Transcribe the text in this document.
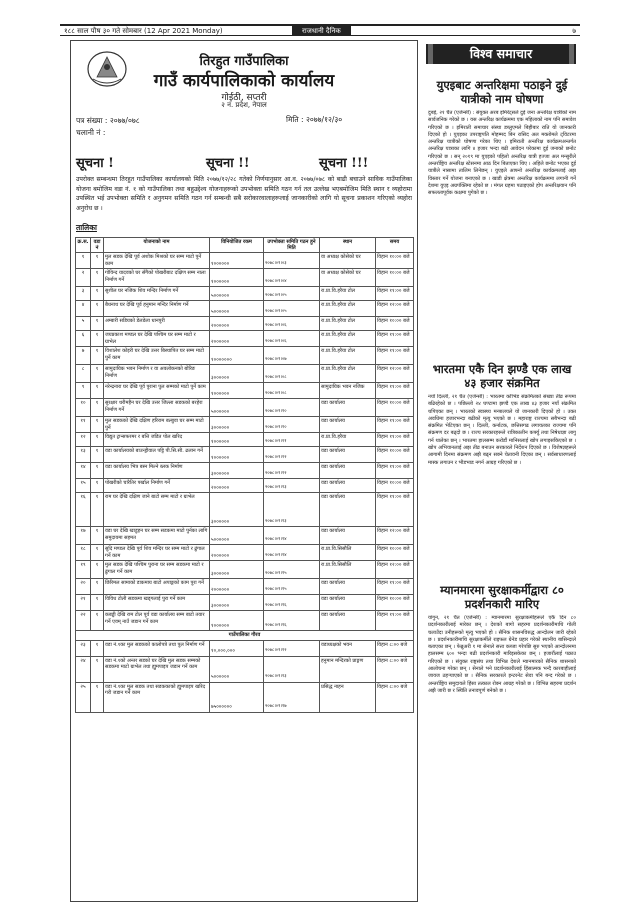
१८८ साल पौष ३० गते सोमबार (12 Apr 2021 Monday)	राजधानी दैनिक	७
तिरहुत गाउँपालिका
गाउँ कार्यपालिकाको कार्यालय
गोईठी, सप्तरी
२ नं. प्रदेश, नेपाल
पत्र संख्या : २०७७/०७८
चलानी नं :
मिति : २०७७/१२/३०
सूचना !	सूचना !!	सूचना !!!
उपरोक्त सम्बन्धमा तिरहुत गाउँपालिका कार्यालयको मिति २०७७/१२/२८ गतेको निर्णयानुसार आ.व. २०७७/०७८ को बाढी बचाउने साविक गाउँपालिका योजना बमोजिम वडा नं. १ को गाउँपालिका तथा बहुउद्देश्य योजनाहरूको उपभोक्ता समिति गठन गर्न तल उल्लेख भएबमोजिम मिति स्थान र व्यहोरामा उपस्थित भई उपभोक्ता समिति र अनुगमन समिति गठन गर्न सम्बन्धी सबै सरोकारवालाहरूलाई जानकारीको लागि यो सूचना प्रकाशन गरिएको व्यहोरा अनुरोध छ ।
तालिका
क्र.स.	वडा नं	योजनाको नाम	विनियोजित रकम	उपभोक्ता समिति गठन हुने मिति	स्थान	समय
१	१	मुल सडक देखि पूर्व अशोक मिश्रको घर सम्म माटो पुर्ने काम	१००००००	२०७८।०१।०३	वा अध्यक्ष कोसेको घर	विहान १०:०० बजे
२	१	गोविन्द यादवको घर सँगैको पोखरीबाट दक्षिण सम्म नाला निर्माण गर्ने	१००००००	२०७८।०१।०४	वा अध्यक्ष कोसेको घर	विहान १०:०० बजे
३	१	सुशील घर नजिक शिव मन्दिर निर्माण गर्ने	५००००००	२०७८।०१।०५	रा.प्रा.वि.हरैया टोल	विहान ११:०० बजे
४	१	बैधनाथ घर देखि पूर्व हनुमान मन्दिर निर्माण गर्ने	५००००००	२०७८।०१।०५	रा.प्रा.वि.हरैया टोल	विहान १२:०० बजे
५	१	अम्बारी सडियको डेलडेला धानपुरी	२००००००	२०७८।०१।०६	रा.प्रा.वि.हरैया टोल	विहान १०:०० बजे
६	१	जयप्रकाश मण्डल घर देखि पश्चिम घर सम्म माटो र ग्राभेल	२००००००	२०७८।०१।०६	रा.प्रा.वि.हरैया टोल	विहान ११:०० बजे
७	१	विशालेश कोइरी घर देखि उत्तर बिस्थापित घर सम्म माटो पुर्ने काम	१०००००००	२०७८।०१।०७	रा.प्रा.वि.हरैया टोल	विहान ११:०० बजे
८	१	सामुदायिक भवन निर्माण र वा अवलोकनको बोरिङ निर्माण	३००००००	२०७८।०१।०८	रा.प्रा.वि.हरैया टोल	विहान १२:०० बजे
९	१	नरेन्द्रनारा घर देखि पूर्व पुराना पुल सम्मको माटो पुर्ने काम	१००००००	२०७८।०१।०८	सामुदायिक भवन नजिक	विहान ११:०० बजे
१०	१	सुरक्षार थरीमहैन घर देखि उत्तर जिल्ला सडकको बरहेरा निर्माण गर्ने	५००००००	२०७८।०१।१०	वडा कार्यालय	विहान १०:०० बजे
११	१	मुल सडकको देखि दक्षिण हरिराम बल्बुवा घर सम्म माटो पुर्ने	३००००००	२०७८।०१।१०	वडा कार्यालय	विहान ११:०० बजे
१२	१	विद्युत ट्रान्सफरमर र बत्ति जडित पोल खरिद	१००००००	२०७८।०१।११	रा.प्रा.वि.हरैया	विहान ११:०० बजे
१३	१	वडा कार्यालयको बाउन्ड्रीवाल पट्टि पी.सि.सी. ढलान गर्ने	१००००००	२०७८।०१।१२	वडा कार्यालय	विहान १०:०० बजे
१४	१	वडा कार्यालय भित्र बस्न मिल्ने ब्लक निर्माण	३००००००	२०७८।०१।१२	वडा कार्यालय	विहान ११:०० बजे
१५	१	पोखरीको चारैतिर पर्खाल निर्माण गर्ने	२००००००	२०७८।०१।१३	वडा कार्यालय	विहान १०:०० बजे
१६	१	राम घर देखि दक्षिण जाने बाटो सम्म माटो र ग्राभेल	३००००००	२०७८।०१।१३	वडा कार्यालय	विहान ११:०० बजे
१७	१	वडा घर देखि खाडुहन घर सम्म सडकमा माटो पुर्नका लागि समुदायमा सहमत	५००००००	२०७८।०१।१४	वडा कार्यालय	विहान १२:०० बजे
१८	१	सुदि मण्डल देखि पूर्व शिव मन्दिर घर सम्म माटो र ढुंगाल गर्ने काम	२००००००	२०७८।०१।१४	रा.प्रा.वि.सिसौलि	विहान १०:०० बजे
१९	१	मुल सडक देखि पश्चिम पुराना घर सम्म सडकमा माटो र ढुंगाल गर्ने काम	३००००००	२०७८।०१।१५	रा.प्रा.वि.सिसौलि	विहान १२:०० बजे
२०	१	छिरिमल सामाको डाकमाय बाटो अपाङ्गको काम पुरा गर्ने	२००००००	२०७८।०१।१५	वडा कार्यालय	विहान ११:०० बजे
२१	१	विविध टोली सडकमा खड्गलाई पुरा गर्ने काम	३००००००	२०७८।०१।१६	वडा कार्यालय	विहान १०:०० बजे
२२	१	कबड्डी देखि राम टोल पूर्व वडा कार्यालय सम्म बाटो तयार गर्ने एवम् नाउँ जडान गर्ने काम	१००००००	२०७८।०१।१६	वडा कार्यालय	विहान ११:०० बजे
गाउँपालिका गौरव						
२३	१	वडा नं.१का मुल सडकको कालोपत्रे तथा पुल निर्माण गर्ने	१०,०००,०००	२०७८।०१।१२	वडाध्यक्षको भवन	विहान ८:०० बजे
२४	१	वडा नं.१को अन्तर सडको घर देखि मुल सडक सम्मको सडकमा माटो ग्राभेल तथा ह्युमपाइप जडान गर्ने काम	५००००००	२०७८।०१।१३	हनुमान मन्दिरको प्राङ्गण	विहान ८:०० बजे
२५	१	वडा नं.१का मुल सडक तथा सडककाको ह्युमपाइप खरिद गरी जडान गर्ने काम	७५००००००	२०७८।०१।१७	प्रसिद्ध नाहन	विहान ८:०० बजे
विश्व समाचार
युएइबाट अन्तरिक्षमा पठाइने दुई यात्रीको नाम घोषणा
दुबई, २१ चैत (एजेन्सी) : संयुक्त अरब इमिरेट्सले दुई जना अन्तरिक्ष यात्रीको नाम सार्वजनिक गरेको छ । यस अन्तरिक्ष कार्यक्रममा एक महिलाको नाम पनि समावेश गरिएको छ । इमिराती समाचार संस्था डब्लुएमले बिहीबार राति यो जानकारी दिएको हो । युएइका उपराष्ट्रपति मोहम्मद बिन रासिद अल मक्तोमले ट्विटरमा अन्तरिक्ष यात्रीको घोषणा गरेका थिए । इमिराती अन्तरिक्ष कार्यक्रमअन्तर्गत अन्तरिक्ष यात्राका लागि ४ हजार भन्दा बढी आवेदन परेकामा दुई जनाको छनोट गरिएको छ । सन् २०१९ मा युएइको पहिलो अन्तरिक्ष यात्री हज्जा अल मन्सुरीले अन्तर्राष्ट्रिय अन्तरिक्ष स्टेसनमा आठ दिन बिताएका थिए । अहिले छनोट भएका दुई यात्रीले नासामा तालिम लिनेछन् । युएइले आफ्नो अन्तरिक्ष कार्यक्रमलाई अझ विस्तार गर्ने योजना बनाएको छ । खाडी क्षेत्रमा अन्तरिक्ष कार्यक्रममा लगानी गर्ने देशमा युएइ अग्रपंक्तिमा रहेको छ । मंगल ग्रहमा पठाइएको होप अन्तरिक्षयान पनि सफलतापूर्वक कक्षमा पुगेको छ ।
भारतमा एकै दिन झण्डै एक लाख ४३ हजार संक्रमित
नयाँ दिल्ली, २१ चैत (एजेन्सी) : भारतमा कोभिड संक्रमितको संख्या तीव्र रूपमा बढिरहेको छ । पछिल्लो २४ घण्टामा झण्डै एक लाख ४३ हजार नयाँ संक्रमित थपिएका छन् । भारतको स्वास्थ्य मन्त्रालयले यो जानकारी दिएको हो । उक्त अवधिमा हजारभन्दा बढीको मृत्यु भएको छ । महाराष्ट्र राज्यमा सबैभन्दा बढी संक्रमित भेटिएका छन् । दिल्ली, कर्नाटक, छत्तिसगढ लगायतका राज्यमा पनि संक्रमण दर बढ्दो छ । राज्य सरकारहरूले रात्रिकालीन कर्फ्यु तथा निषेधाज्ञा लागु गर्न थालेका छन् । भारतमा हालसम्म करोडौं मानिसलाई खोप लगाइसकिएको छ । खोप अभियानलाई अझ तीव्र बनाउन सरकारले निर्देशन दिएको छ । विशेषज्ञहरूले आगामी दिनमा संक्रमण अझै बढ्न सक्ने चेतावनी दिएका छन् । सर्वसाधारणलाई मास्क लगाउन र भीडभाड नगर्न आग्रह गरिएको छ ।
म्यानमारमा सुरक्षाकर्मीद्वारा ८० प्रदर्शनकारी मारिए
यांगुन, २१ चैत (एजेन्सी) : म्यानमारमा सुरक्षाकर्मीहरूले एकै दिन ८० प्रदर्शनकारीलाई मारेका छन् । देशको बागो सहरमा प्रदर्शनकारीमाथि गोली चलाउँदा उनीहरूको मृत्यु भएको हो । सैनिक शासनविरुद्ध आन्दोलन जारी रहेको छ । प्रदर्शनकारीमाथि सुरक्षाकर्मीले राइफल ग्रेनेड प्रहार गरेको स्थानीय बासिन्दाले बताएका छन् । फेब्रुअरी १ मा सेनाले सत्ता कब्जा गरेपछि सुरु भएको आन्दोलनमा हालसम्म ६०० भन्दा बढी प्रदर्शनकारी मारिइसकेका छन् । हजारौंलाई पक्राउ गरिएको छ । संयुक्त राष्ट्रसंघ तथा विभिन्न देशले म्यानमारको सैनिक शासनको आलोचना गरेका छन् । सेनाले भने प्रदर्शनकारीलाई हिंसात्मक भन्दै कारबाहीलाई जायज ठहर्‍याएको छ । सैनिक सरकारले इन्टरनेट सेवा पनि बन्द गरेको छ । अन्तर्राष्ट्रिय समुदायले हिंसा तत्काल रोक्न आग्रह गरेको छ । विभिन्न सहरमा प्रदर्शन अझै जारी छ र स्थिति तनावपूर्ण बनेको छ ।
